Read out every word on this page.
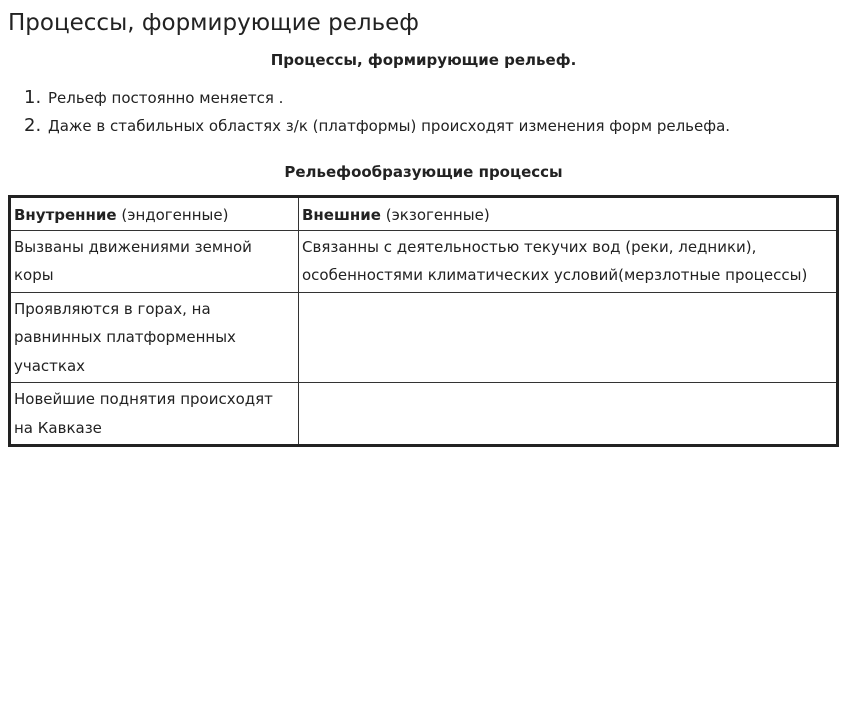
Процессы, формирующие рельеф
Процессы, формирующие рельеф.
1. Рельеф постоянно меняется .
2. Даже в стабильных областях з/к (платформы) происходят изменения форм рельефа.
Рельефообразующие процессы
Внутренние (эндогенные)	Внешние (экзогенные)
Вызваны движениями земной коры	Связанны с деятельностью текучих вод (реки, ледники), особенностями климатических условий(мерзлотные процессы)
Проявляются в горах, на равнинных платформенных участках	
Новейшие поднятия происходят на Кавказе	
